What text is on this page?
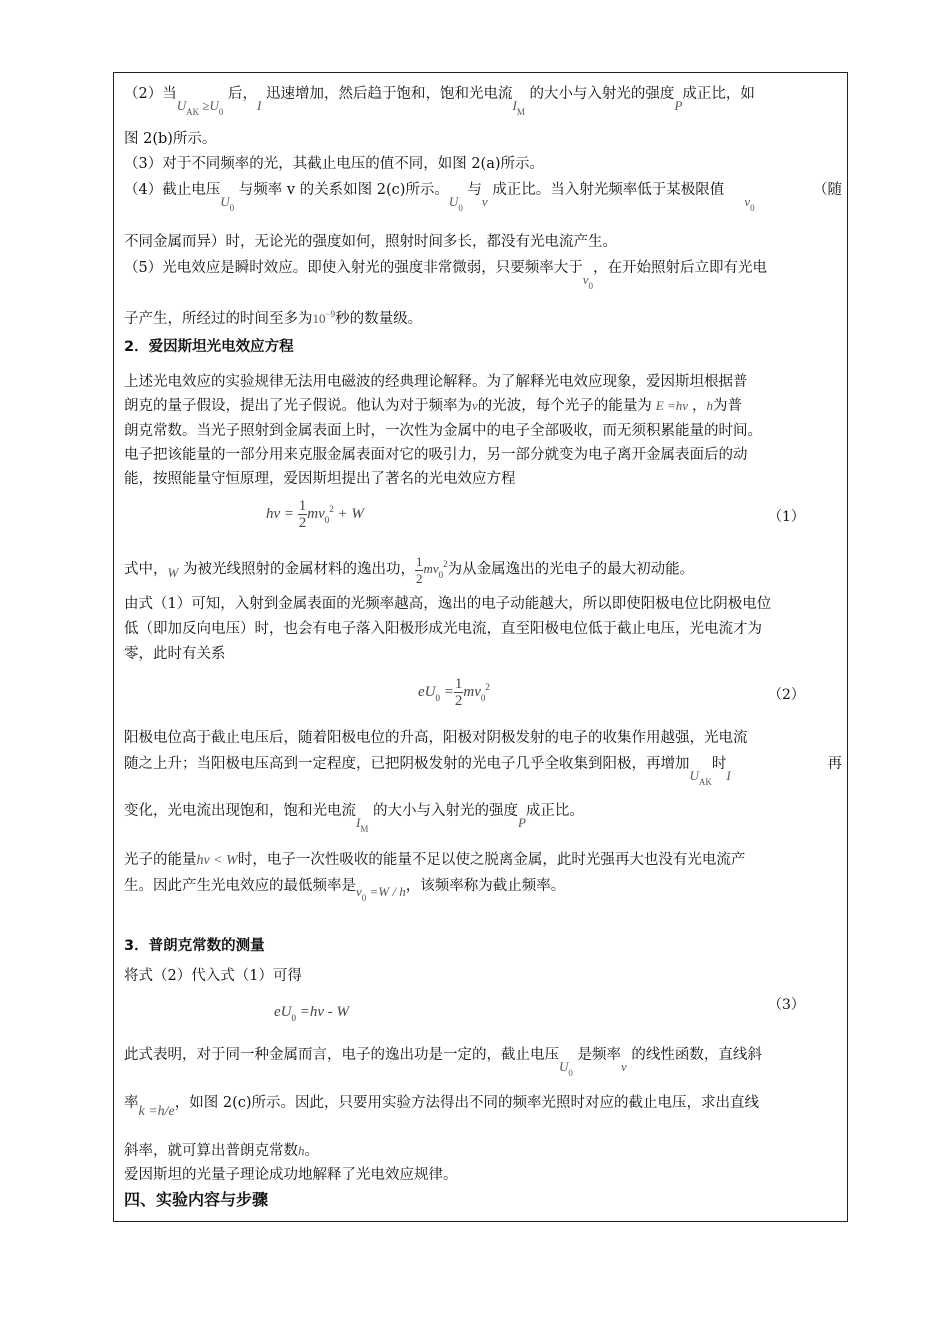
（2）当$U_{AK} \ge U_0$ 后，I 迅速增加，然后趋于饱和，饱和光电流$I_M$ 的大小与入射光的强度P成正比，如
图 2(b)所示。
（3）对于不同频率的光，其截止电压的值不同，如图 2(a)所示。
（4）截止电压$U_0$ 与频率 v 的关系如图 2(c)所示。$U_0$ 与ν 成正比。当入射光频率低于某极限值$v_0$
（随
不同金属而异）时，无论光的强度如何，照射时间多长，都没有光电流产生。
（5）光电效应是瞬时效应。即使入射光的强度非常微弱，只要频率大于$v_0$，在开始照射后立即有光电
子产生，所经过的时间至多为$10^{-9}$秒的数量级。
2．爱因斯坦光电效应方程
上述光电效应的实验规律无法用电磁波的经典理论解释。为了解释光电效应现象，爱因斯坦根据普
朗克的量子假设，提出了光子假说。他认为对于频率为ν的光波，每个光子的能量为 E =hν ，h为普
朗克常数。当光子照射到金属表面上时，一次性为金属中的电子全部吸收，而无须积累能量的时间。
电子把该能量的一部分用来克服金属表面对它的吸引力，另一部分就变为电子离开金属表面后的动
能，按照能量守恒原理，爱因斯坦提出了著名的光电效应方程
$h\nu = \frac{1}{2} mv_0^2 + W$	（1）
式中，W 为被光线照射的金属材料的逸出功， $\frac{1}{2} mv_0^2$为从金属逸出的光电子的最大初动能。
由式（1）可知，入射到金属表面的光频率越高，逸出的电子动能越大，所以即使阳极电位比阴极电位
低（即加反向电压）时，也会有电子落入阳极形成光电流，直至阳极电位低于截止电压，光电流才为
零，此时有关系
$eU_0 = \frac{1}{2} mv_0^2$
（2）
阳极电位高于截止电压后，随着阳极电位的升高，阳极对阴极发射的电子的收集作用越强，光电流
随之上升；当阳极电压高到一定程度，已把阴极发射的光电子几乎全收集到阳极，再增加$U_{AK}$时I
再
变化，光电流出现饱和，饱和光电流$I_M$ 的大小与入射光的强度P成正比。
光子的能量hν < W时，电子一次性吸收的能量不足以使之脱离金属，此时光强再大也没有光电流产
生。因此产生光电效应的最低频率是$v_0 =W / h$，该频率称为截止频率。
3．普朗克常数的测量
将式（2）代入式（1）可得
$eU_0 =h\nu - W$	（3）
此式表明，对于同一种金属而言，电子的逸出功是一定的，截止电压$U_0$ 是频率ν 的线性函数，直线斜
率k =h/e，如图 2(c)所示。因此，只要用实验方法得出不同的频率光照时对应的截止电压，求出直线
斜率，就可算出普朗克常数h。
爱因斯坦的光量子理论成功地解释了光电效应规律。
四、实验内容与步骤
